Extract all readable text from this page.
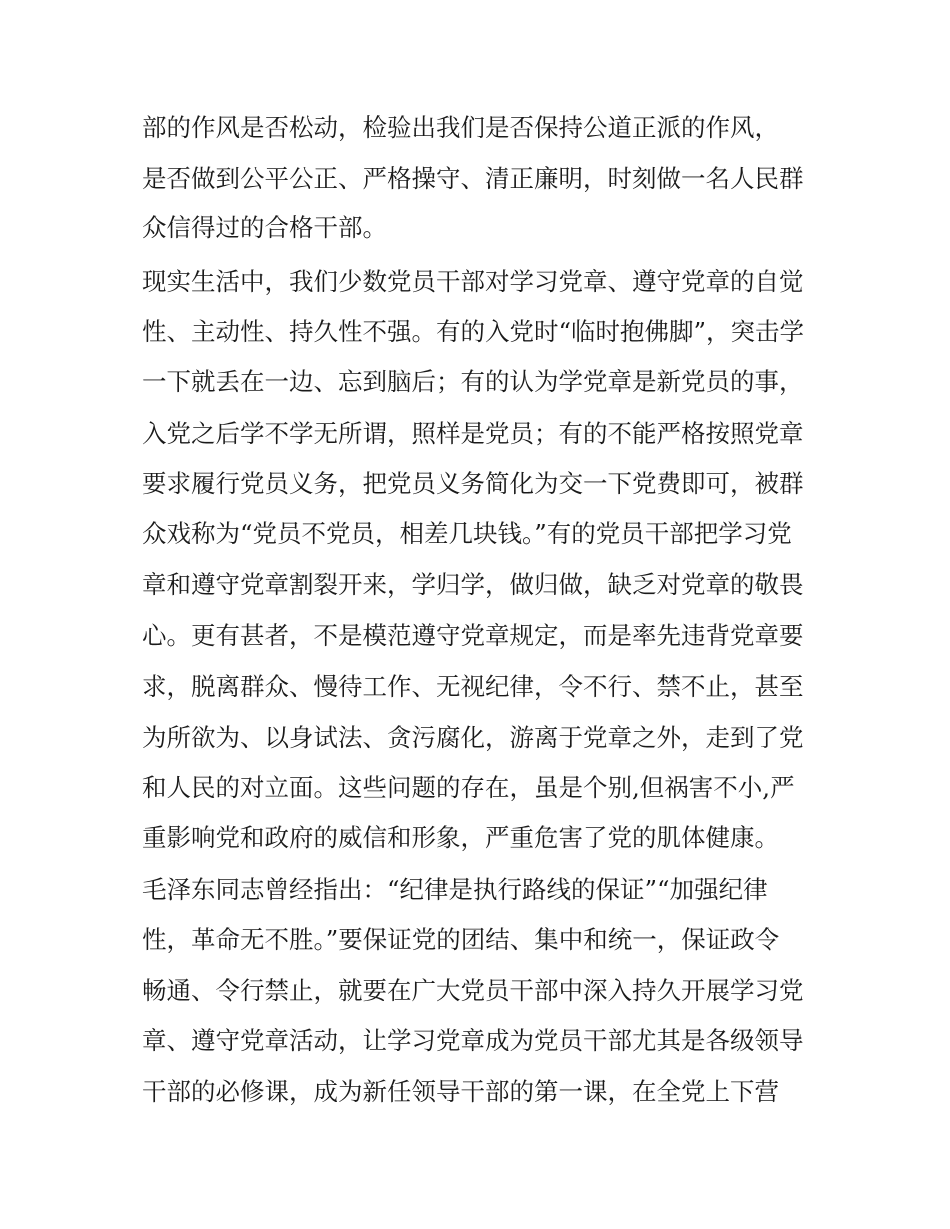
部的作风是否松动，检验出我们是否保持公道正派的作风，
是否做到公平公正、严格操守、清正廉明，时刻做一名人民群
众信得过的合格干部。
现实生活中，我们少数党员干部对学习党章、遵守党章的自觉
性、主动性、持久性不强。有的入党时“临时抱佛脚”，突击学
一下就丢在一边、忘到脑后；有的认为学党章是新党员的事，
入党之后学不学无所谓，照样是党员；有的不能严格按照党章
要求履行党员义务，把党员义务简化为交一下党费即可，被群
众戏称为“党员不党员，相差几块钱。”有的党员干部把学习党
章和遵守党章割裂开来，学归学，做归做，缺乏对党章的敬畏
心。更有甚者，不是模范遵守党章规定，而是率先违背党章要
求，脱离群众、慢待工作、无视纪律，令不行、禁不止，甚至
为所欲为、以身试法、贪污腐化，游离于党章之外，走到了党
和人民的对立面。这些问题的存在，虽是个别,但祸害不小,严
重影响党和政府的威信和形象，严重危害了党的肌体健康。
毛泽东同志曾经指出：“纪律是执行路线的保证”“加强纪律
性，革命无不胜。”要保证党的团结、集中和统一，保证政令
畅通、令行禁止，就要在广大党员干部中深入持久开展学习党
章、遵守党章活动，让学习党章成为党员干部尤其是各级领导
干部的必修课，成为新任领导干部的第一课，在全党上下营
